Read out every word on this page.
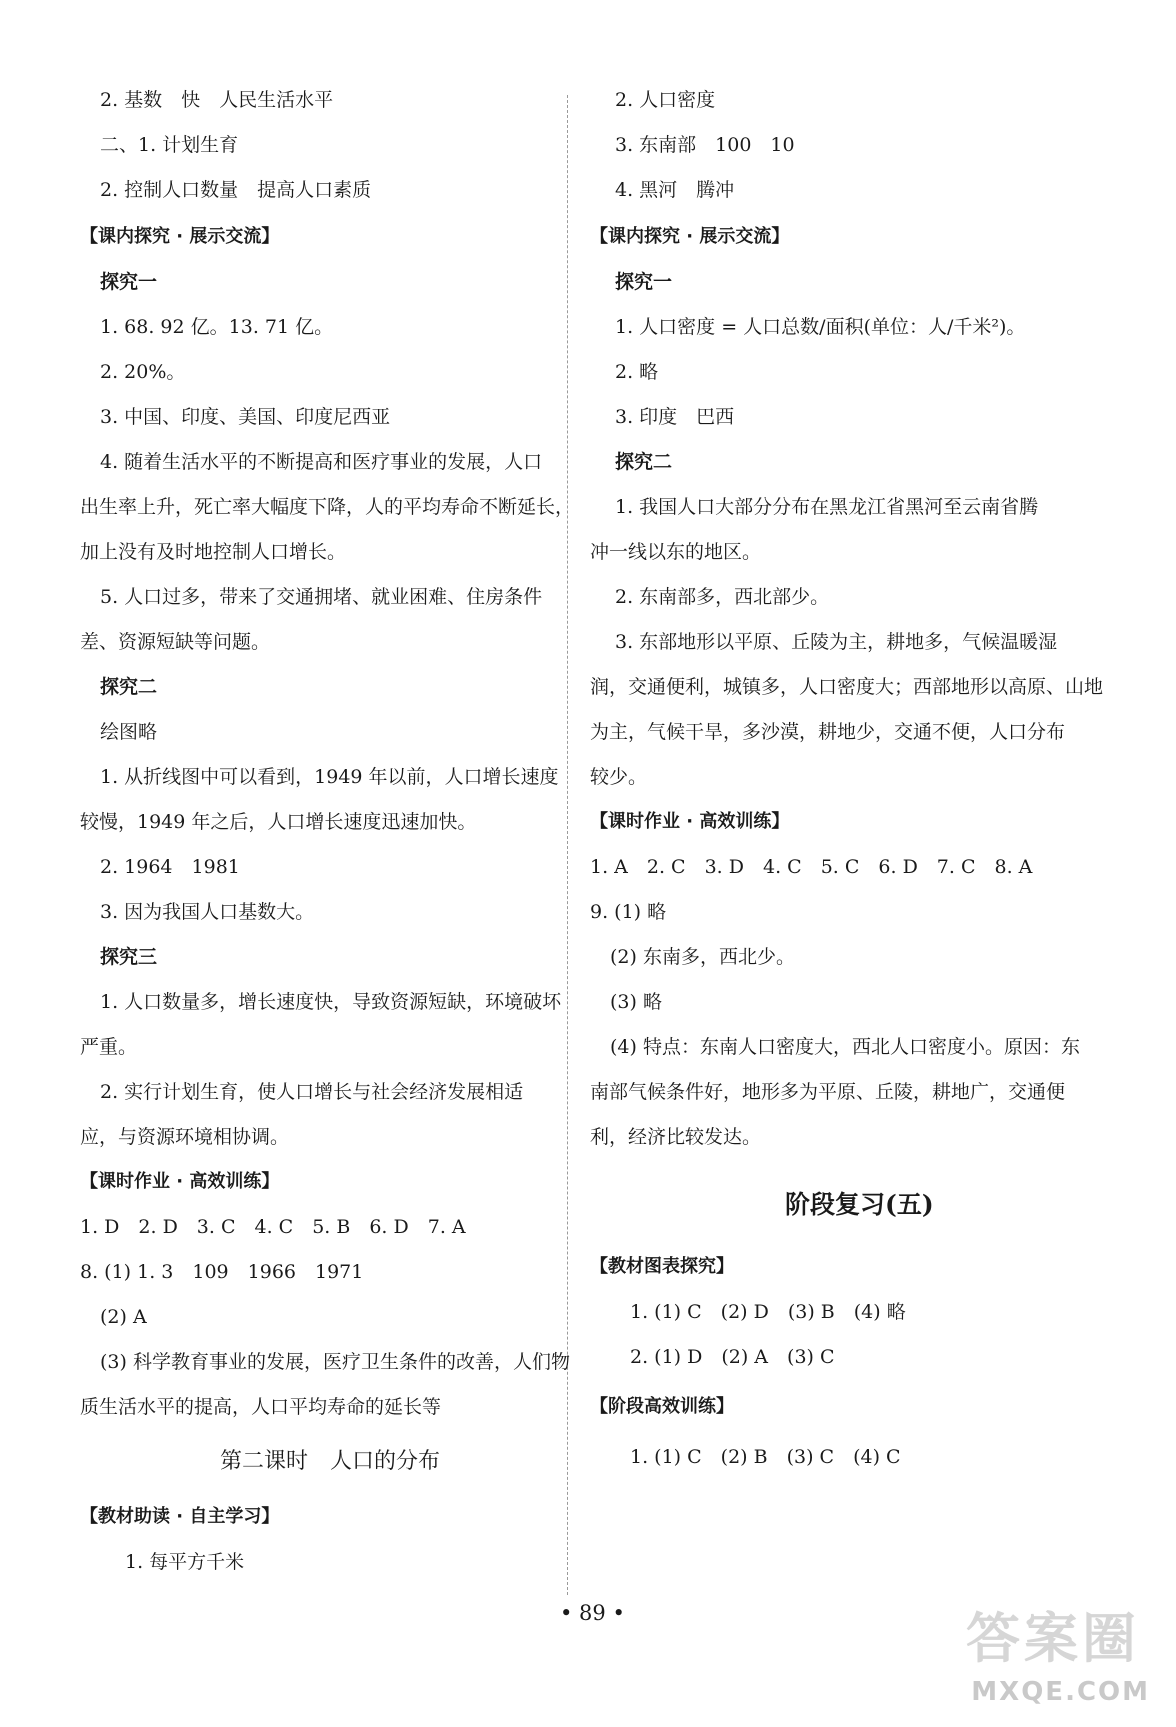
2. 基数　快　人民生活水平
二、1. 计划生育
2. 控制人口数量　提高人口素质
【课内探究 · 展示交流】
探究一
1. 68. 92 亿。13. 71 亿。
2. 20%。
3. 中国、印度、美国、印度尼西亚
4. 随着生活水平的不断提高和医疗事业的发展，人口
出生率上升，死亡率大幅度下降，人的平均寿命不断延长，
加上没有及时地控制人口增长。
5. 人口过多，带来了交通拥堵、就业困难、住房条件
差、资源短缺等问题。
探究二
绘图略
1. 从折线图中可以看到，1949 年以前，人口增长速度
较慢，1949 年之后，人口增长速度迅速加快。
2. 1964　1981
3. 因为我国人口基数大。
探究三
1. 人口数量多，增长速度快，导致资源短缺，环境破坏
严重。
2. 实行计划生育，使人口增长与社会经济发展相适
应，与资源环境相协调。
【课时作业 · 高效训练】
1. D　2. D　3. C　4. C　5. B　6. D　7. A
8. (1) 1. 3　109　1966　1971
(2) A
(3) 科学教育事业的发展，医疗卫生条件的改善，人们物
质生活水平的提高，人口平均寿命的延长等
第二课时　人口的分布
【教材助读 · 自主学习】
1. 每平方千米
2. 人口密度
3. 东南部　100　10
4. 黑河　腾冲
【课内探究 · 展示交流】
探究一
1. 人口密度 = 人口总数/面积(单位：人/千米²)。
2. 略
3. 印度　巴西
探究二
1. 我国人口大部分分布在黑龙江省黑河至云南省腾
冲一线以东的地区。
2. 东南部多，西北部少。
3. 东部地形以平原、丘陵为主，耕地多，气候温暖湿
润，交通便利，城镇多，人口密度大；西部地形以高原、山地
为主，气候干旱，多沙漠，耕地少，交通不便，人口分布
较少。
【课时作业 · 高效训练】
1. A　2. C　3. D　4. C　5. C　6. D　7. C　8. A
9. (1) 略
(2) 东南多，西北少。
(3) 略
(4) 特点：东南人口密度大，西北人口密度小。原因：东
南部气候条件好，地形多为平原、丘陵，耕地广，交通便
利，经济比较发达。
阶段复习(五)
【教材图表探究】
1. (1) C　(2) D　(3) B　(4) 略
2. (1) D　(2) A　(3) C
【阶段高效训练】
1. (1) C　(2) B　(3) C　(4) C
• 89 •	答案圈
MXQE.COM
